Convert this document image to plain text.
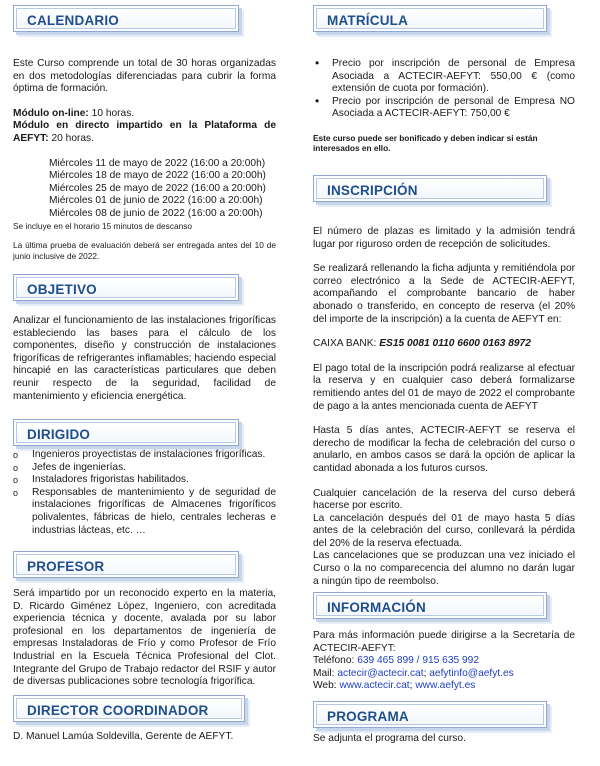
CALENDARIO

Este Curso comprende un total de 30 horas organizadas en dos metodologías diferenciadas para cubrir la forma óptima de formación.

Módulo on-line: 10 horas.

Módulo en directo impartido en la Plataforma de AEFYT: 20 horas.

Miércoles 11 de mayo de 2022 (16:00 a 20:00h)
Miércoles 18 de mayo de 2022 (16:00 a 20:00h)
Miércoles 25 de mayo de 2022 (16:00 a 20:00h)
Miércoles 01 de junio de 2022 (16:00 a 20:00h)
Miércoles 08 de junio de 2022 (16:00 a 20:00h)

Se incluye en el horario 15 minutos de descanso

La última prueba de evaluación deberá ser entregada antes del 10 de junio inclusive de 2022.

OBJETIVO
Analizar el funcionamiento de las instalaciones frigoríficas estableciendo las bases para el cálculo de los componentes, diseño y construcción de instalaciones frigoríficas de refrigerantes inflamables; haciendo especial hincapié en las características particulares que deben reunir respecto de la seguridad, facilidad de mantenimiento y eficiencia energética.
DIRIGIDO
o Ingenieros proyectistas de instalaciones frigoríficas.
o Jefes de ingenierías.
o Instaladores frigoristas habilitados.
o Responsables de mantenimiento y de seguridad de instalaciones frigoríficas de Almacenes frigoríficos polivalentes, fábricas de hielo, centrales lecheras e industrias lácteas, etc. …
PROFESOR
Será impartido por un reconocido experto en la materia, D. Ricardo Giménez López, Ingeniero, con acreditada experiencia técnica y docente, avalada por su labor profesional en los departamentos de ingeniería de empresas Instaladoras de Frío y como Profesor de Frío Industrial en la Escuela Técnica Profesional del Clot. Integrante del Grupo de Trabajo redactor del RSIF y autor de diversas publicaciones sobre tecnología frigorífica.
DIRECTOR COORDINADOR
D. Manuel Lamúa Soldevilla, Gerente de AEFYT.
MATRÍCULA
• Precio por inscripción de personal de Empresa Asociada a ACTECIR-AEFYT: 550,00 € (como extensión de cuota por formación).
• Precio por inscripción de personal de Empresa NO Asociada a ACTECIR-AEFYT: 750,00 €

Este curso puede ser bonificado y deben indicar si están interesados en ello.

INSCRIPCIÓN

El número de plazas es limitado y la admisión tendrá lugar por riguroso orden de recepción de solicitudes.

Se realizará rellenando la ficha adjunta y remitiéndola por correo electrónico a la Sede de ACTECIR-AEFYT, acompañando el comprobante bancario de haber abonado o transferido, en concepto de reserva (el 20% del importe de la inscripción) a la cuenta de AEFYT en:

CAIXA BANK: ES15 0081 0110 6600 0163 8972

El pago total de la inscripción podrá realizarse al efectuar la reserva y en cualquier caso deberá formalizarse remitiendo antes del 01 de mayo de 2022 el comprobante de pago a la antes mencionada cuenta de AEFYT

Hasta 5 días antes, ACTECIR-AEFYT se reserva el derecho de modificar la fecha de celebración del curso o anularlo, en ambos casos se dará la opción de aplicar la cantidad abonada a los futuros cursos.

Cualquier cancelación de la reserva del curso deberá hacerse por escrito.

La cancelación después del 01 de mayo hasta 5 días antes de la celebración del curso, conllevará la pérdida del 20% de la reserva efectuada.

Las cancelaciones que se produzcan una vez iniciado el Curso o la no comparecencia del alumno no darán lugar a ningún tipo de reembolso.

INFORMACIÓN

Para más información puede dirigirse a la Secretaría de ACTECIR-AEFYT:

Teléfono: 639 465 899 / 915 635 992

Mail: actecir@actecir.cat; aefytinfo@aefyt.es

Web: www.actecir.cat; www.aefyt.es

PROGRAMA
Se adjunta el programa del curso.
